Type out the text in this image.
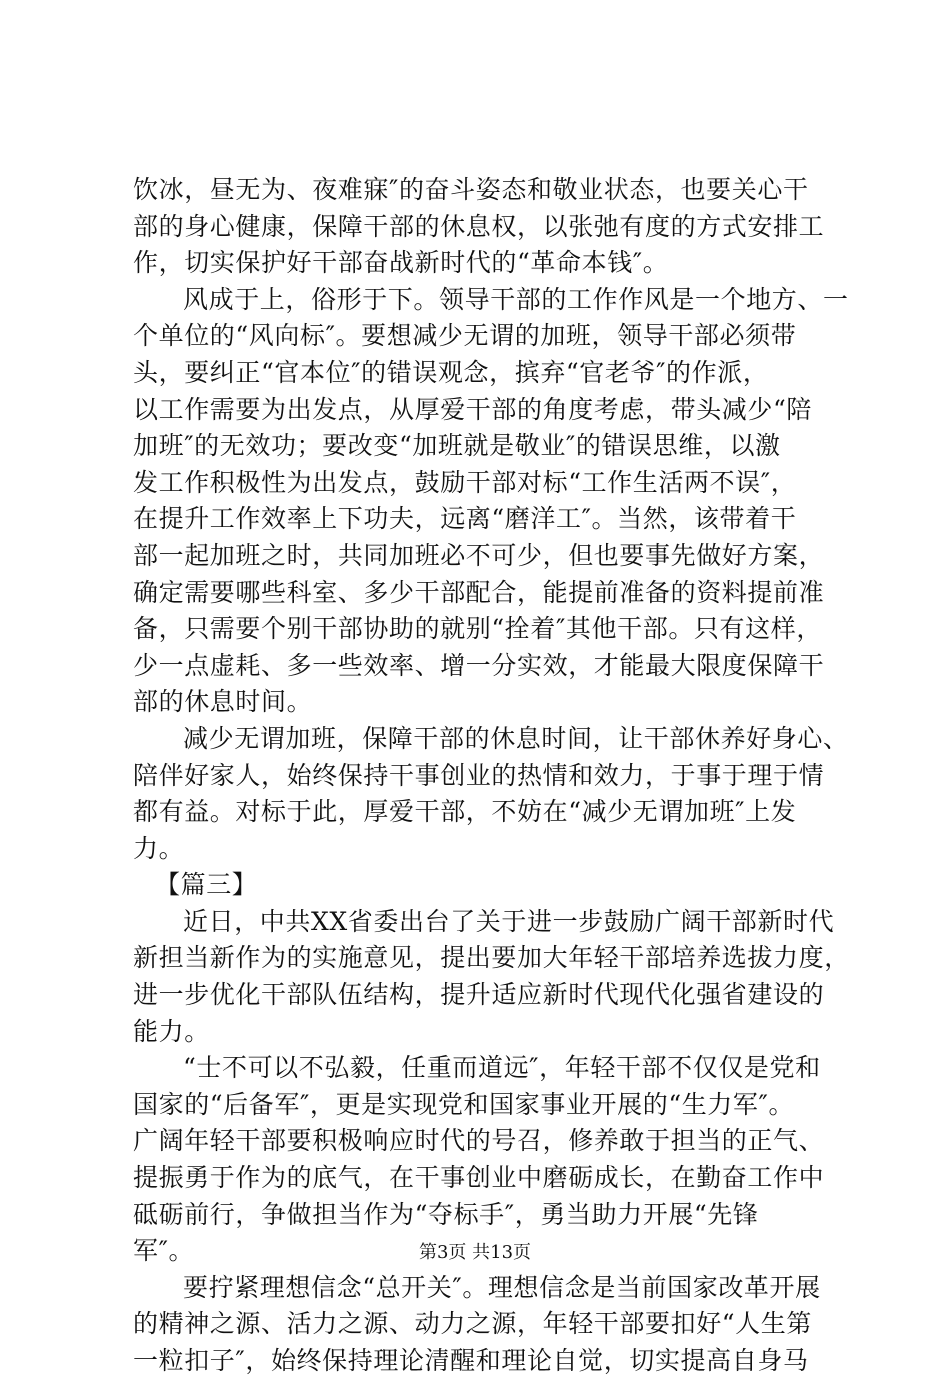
饮冰，昼无为、夜难寐″的奋斗姿态和敬业状态，也要关心干
部的身心健康，保障干部的休息权，以张弛有度的方式安排工
作，切实保护好干部奋战新时代的“革命本钱″。
风成于上，俗形于下。领导干部的工作作风是一个地方、一
个单位的“风向标″。要想减少无谓的加班，领导干部必须带
头，要纠正“官本位″的错误观念，摈弃“官老爷″的作派，
以工作需要为出发点，从厚爱干部的角度考虑，带头减少“陪
加班″的无效功；要改变“加班就是敬业″的错误思维，以激
发工作积极性为出发点，鼓励干部对标“工作生活两不误″，
在提升工作效率上下功夫，远离“磨洋工″。当然，该带着干
部一起加班之时，共同加班必不可少，但也要事先做好方案，
确定需要哪些科室、多少干部配合，能提前准备的资料提前准
备，只需要个别干部协助的就别“拴着″其他干部。只有这样，
少一点虚耗、多一些效率、增一分实效，才能最大限度保障干
部的休息时间。
减少无谓加班，保障干部的休息时间，让干部休养好身心、
陪伴好家人，始终保持干事创业的热情和效力，于事于理于情
都有益。对标于此，厚爱干部，不妨在“减少无谓加班″上发
力。
【篇三】
近日，中共XX省委出台了关于进一步鼓励广阔干部新时代
新担当新作为的实施意见，提出要加大年轻干部培养选拔力度，
进一步优化干部队伍结构，提升适应新时代现代化强省建设的
能力。
“士不可以不弘毅，任重而道远″，年轻干部不仅仅是党和
国家的“后备军″，更是实现党和国家事业开展的“生力军″。
广阔年轻干部要积极响应时代的号召，修养敢于担当的正气、
提振勇于作为的底气，在干事创业中磨砺成长，在勤奋工作中
砥砺前行，争做担当作为“夺标手″，勇当助力开展“先锋
军″。
要拧紧理想信念“总开关″。理想信念是当前国家改革开展
的精神之源、活力之源、动力之源，年轻干部要扣好“人生第
一粒扣子″，始终保持理论清醒和理论自觉，切实提高自身马
第3页 共13页
